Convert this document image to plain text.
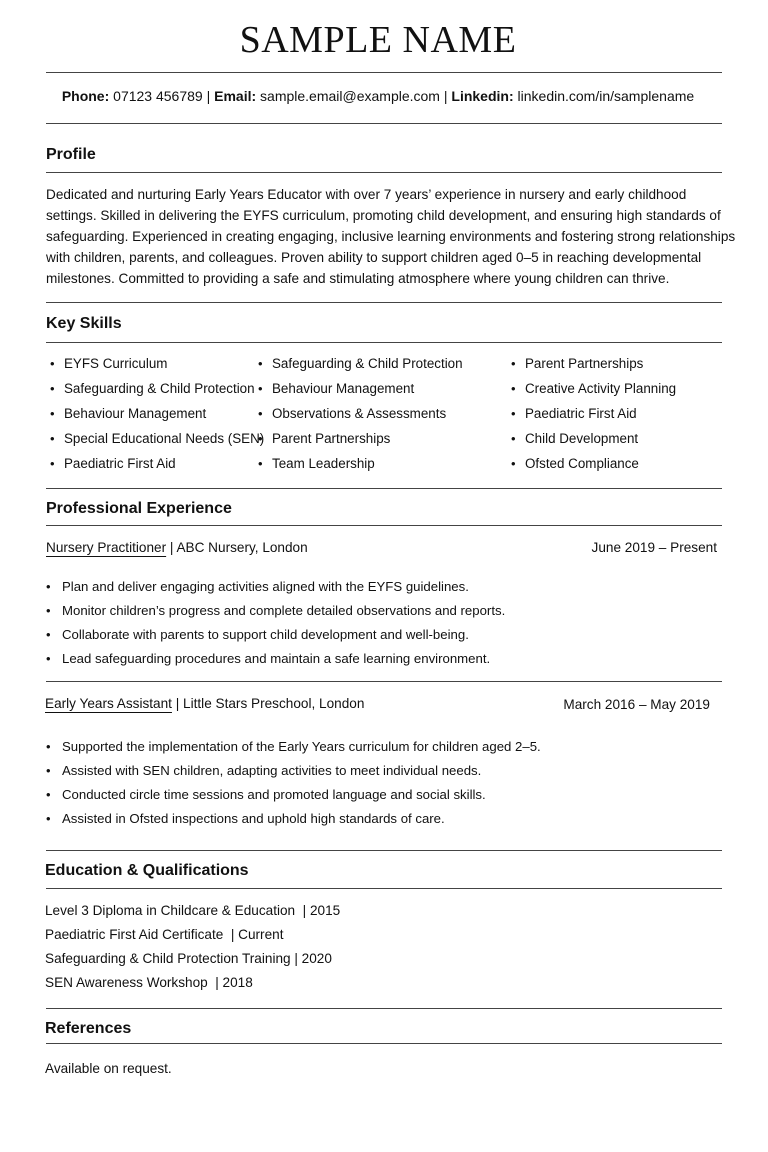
SAMPLE NAME
Phone: 07123 456789 | Email: sample.email@example.com | Linkedin: linkedin.com/in/samplename
Profile
Dedicated and nurturing Early Years Educator with over 7 years’ experience in nursery and early childhood
settings. Skilled in delivering the EYFS curriculum, promoting child development, and ensuring high standards of
safeguarding. Experienced in creating engaging, inclusive learning environments and fostering strong relationships
with children, parents, and colleagues. Proven ability to support children aged 0–5 in reaching developmental
milestones. Committed to providing a safe and stimulating atmosphere where young children can thrive.
Key Skills
• EYFS Curriculum
• Safeguarding & Child Protection
• Behaviour Management
• Special Educational Needs (SEN)
• Paediatric First Aid
• Safeguarding & Child Protection
• Behaviour Management
• Observations & Assessments
• Parent Partnerships
• Team Leadership
• Parent Partnerships
• Creative Activity Planning
• Paediatric First Aid
• Child Development
• Ofsted Compliance
Professional Experience
Nursery Practitioner | ABC Nursery, London	June 2019 – Present
• Plan and deliver engaging activities aligned with the EYFS guidelines.
• Monitor children’s progress and complete detailed observations and reports.
• Collaborate with parents to support child development and well-being.
• Lead safeguarding procedures and maintain a safe learning environment.
Early Years Assistant | Little Stars Preschool, London	March 2016 – May 2019
• Supported the implementation of the Early Years curriculum for children aged 2–5.
• Assisted with SEN children, adapting activities to meet individual needs.
• Conducted circle time sessions and promoted language and social skills.
• Assisted in Ofsted inspections and uphold high standards of care.
Education & Qualifications
Level 3 Diploma in Childcare & Education  | 2015
Paediatric First Aid Certificate  | Current
Safeguarding & Child Protection Training | 2020
SEN Awareness Workshop  | 2018
References
Available on request.
